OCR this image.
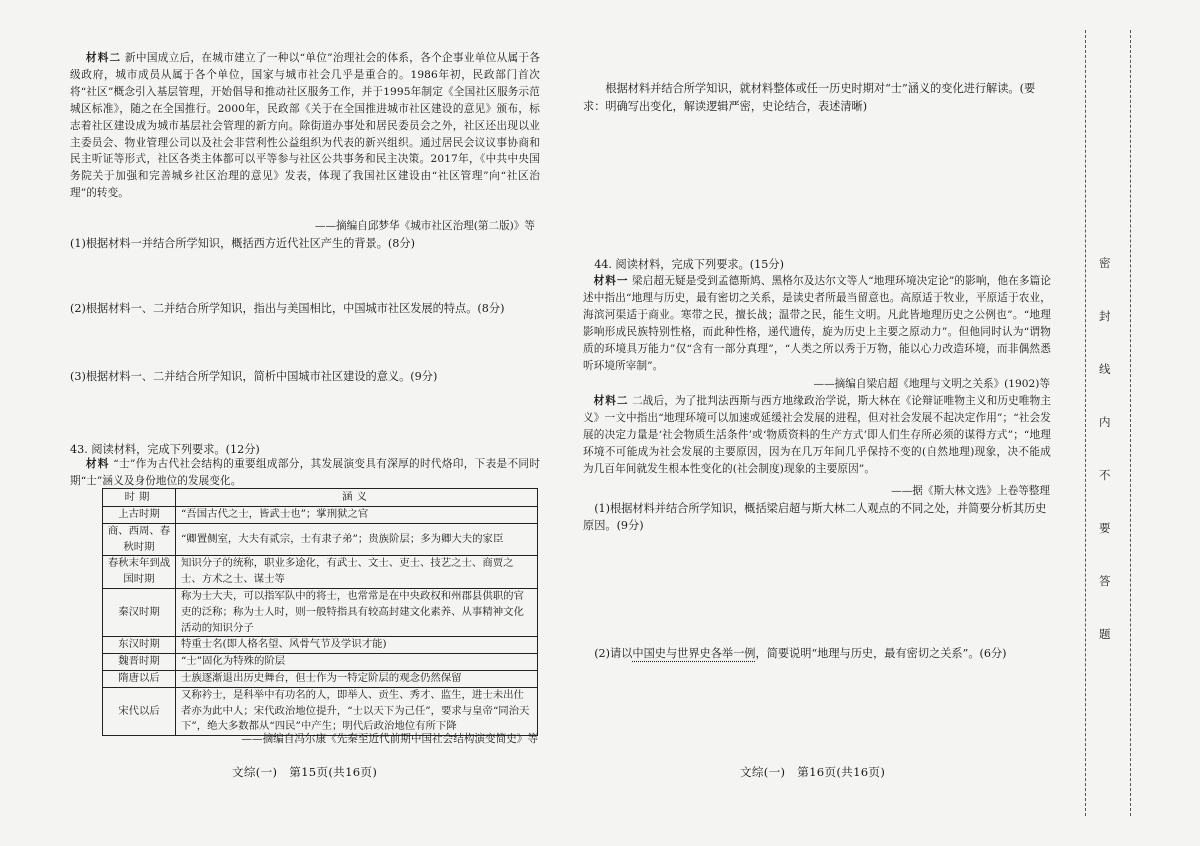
材料二 新中国成立后，在城市建立了一种以“单位”治理社会的体系，各个企事业单位从属于各级政府，城市成员从属于各个单位，国家与城市社会几乎是重合的。1986年初，民政部门首次将“社区”概念引入基层管理，开始倡导和推动社区服务工作，并于1995年制定《全国社区服务示范城区标准》，随之在全国推行。2000年，民政部《关于在全国推进城市社区建设的意见》颁布，标志着社区建设成为城市基层社会管理的新方向。除街道办事处和居民委员会之外，社区还出现以业主委员会、物业管理公司以及社会非营利性公益组织为代表的新兴组织。通过居民会议议事协商和民主听证等形式，社区各类主体都可以平等参与社区公共事务和民主决策。2017年，《中共中央国务院关于加强和完善城乡社区治理的意见》发表，体现了我国社区建设由“社区管理”向“社区治理”的转变。

——摘编自邱梦华《城市社区治理(第二版)》等

(1)根据材料一并结合所学知识，概括西方近代社区产生的背景。(8分)

(2)根据材料一、二并结合所学知识，指出与美国相比，中国城市社区发展的特点。(8分)

(3)根据材料一、二并结合所学知识，简析中国城市社区建设的意义。(9分)

43. 阅读材料，完成下列要求。(12分)

材料 “士”作为古代社会结构的重要组成部分，其发展演变具有深厚的时代烙印，下表是不同时期“士”涵义及身份地位的发展变化。

时期	涵义
上古时期	“吾国古代之士，皆武士也”；掌刑狱之官
商、西周、春秋时期	“卿置侧室，大夫有贰宗，士有隶子弟”；贵族阶层；多为卿大夫的家臣
春秋末年到战国时期	知识分子的统称，职业多途化，有武士、文士、吏士、技艺之士、商贾之士、方术之士、谋士等
秦汉时期	称为士大夫，可以指军队中的将士，也常常是在中央政权和州郡县供职的官吏的泛称；称为士人时，则一般特指具有较高封建文化素养、从事精神文化活动的知识分子
东汉时期	特重士名(即人格名望、风骨气节及学识才能)
魏晋时期	“士”固化为特殊的阶层
隋唐以后	士族逐渐退出历史舞台，但士作为一特定阶层的观念仍然保留
宋代以后	又称衿士，是科举中有功名的人，即举人、贡生、秀才、监生，进士未出仕者亦为此中人；宋代政治地位提升，“士以天下为己任”，要求与皇帝“同治天下”，绝大多数都从“四民”中产生；明代后政治地位有所下降
——摘编自冯尔康《先秦至近代前期中国社会结构演变简史》等
文综(一)　第15页(共16页)

根据材料并结合所学知识，就材料整体或任一历史时期对“士”涵义的变化进行解读。(要求：明确写出变化，解读逻辑严密，史论结合，表述清晰)

44. 阅读材料，完成下列要求。(15分)

材料一 梁启超无疑是受到孟德斯鸠、黑格尔及达尔文等人“地理环境决定论”的影响，他在多篇论述中指出“地理与历史，最有密切之关系，是读史者所最当留意也。高原适于牧业，平原适于农业，海滨河渠适于商业。寒带之民，擅长战；温带之民，能生文明。凡此皆地理历史之公例也”。“地理影响形成民族特别性格，而此种性格，递代遗传，旋为历史上主要之原动力”。但他同时认为“谓物质的环境具万能力”仅“含有一部分真理”，“人类之所以秀于万物，能以心力改造环境，而非偶然悉听环境所宰制”。

——摘编自梁启超《地理与文明之关系》(1902)等

材料二 二战后，为了批判法西斯与西方地缘政治学说，斯大林在《论辩证唯物主义和历史唯物主义》一文中指出“地理环境可以加速或延缓社会发展的进程，但对社会发展不起决定作用”；“社会发展的决定力量是‘社会物质生活条件’或‘物质资料的生产方式’即人们生存所必须的谋得方式”；“地理环境不可能成为社会发展的主要原因，因为在几万年间几乎保持不变的(自然地理)现象，决不能成为几百年间就发生根本性变化的(社会制度)现象的主要原因”。

——据《斯大林文选》上卷等整理

(1)根据材料并结合所学知识，概括梁启超与斯大林二人观点的不同之处，并简要分析其历史原因。(9分)

(2)请以中国史与世界史各举一例，简要说明“地理与历史，最有密切之关系”。(6分)

文综(一)　第16页(共16页)
密
封
线
内
不
要
答
题
